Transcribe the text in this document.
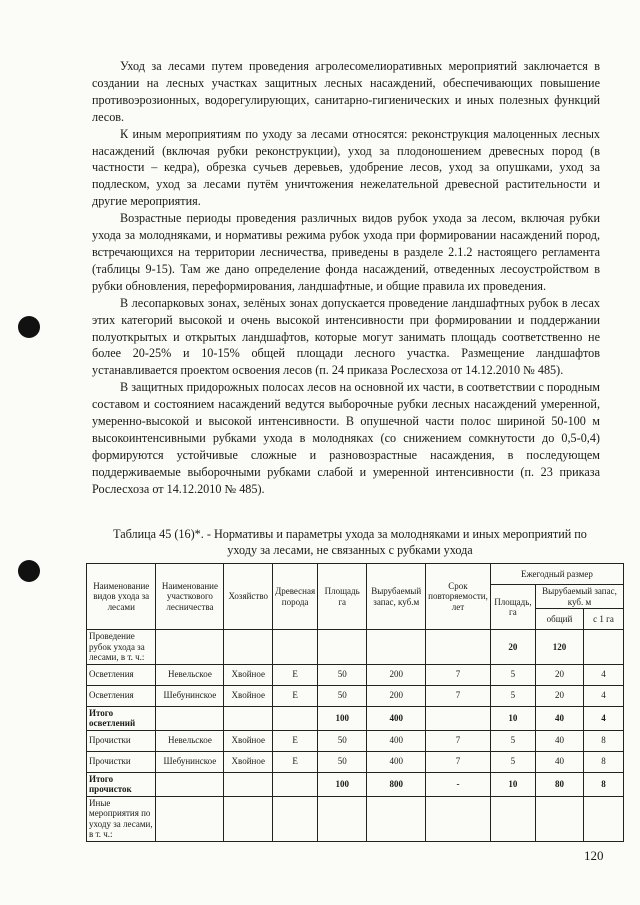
Уход за лесами путем проведения агролесомелиоративных мероприятий заключается в создании на лесных участках защитных лесных насаждений, обеспечивающих повышение противоэрозионных, водорегулирующих, санитарно-гигиенических и иных полезных функций лесов.

К иным мероприятиям по уходу за лесами относятся: реконструкция малоценных лесных насаждений (включая рубки реконструкции), уход за плодоношением древесных пород (в частности – кедра), обрезка сучьев деревьев, удобрение лесов, уход за опушками, уход за подлеском, уход за лесами путём уничтожения нежелательной древесной растительности и другие мероприятия.

Возрастные периоды проведения различных видов рубок ухода за лесом, включая рубки ухода за молодняками, и нормативы режима рубок ухода при формировании насаждений пород, встречающихся на территории лесничества, приведены в разделе 2.1.2 настоящего регламента (таблицы 9-15). Там же дано определение фонда насаждений, отведенных лесоустройством в рубки обновления, переформирования, ландшафтные, и общие правила их проведения.

В лесопарковых зонах, зелёных зонах допускается проведение ландшафтных рубок в лесах этих категорий высокой и очень высокой интенсивности при формировании и поддержании полуоткрытых и открытых ландшафтов, которые могут занимать площадь соответственно не более 20-25% и 10-15% общей площади лесного участка. Размещение ландшафтов устанавливается проектом освоения лесов (п. 24 приказа Рослесхоза от 14.12.2010 № 485).

В защитных придорожных полосах лесов на основной их части, в соответствии с породным составом и состоянием насаждений ведутся выборочные рубки лесных насаждений умеренной, умеренно-высокой и высокой интенсивности. В опушечной части полос шириной 50-100 м высокоинтенсивными рубками ухода в молодняках (со снижением сомкнутости до 0,5-0,4) формируются устойчивые сложные и разновозрастные насаждения, в последующем поддерживаемые выборочными рубками слабой и умеренной интенсивности (п. 23 приказа Рослесхоза от 14.12.2010 № 485).

Таблица 45 (16)*. - Нормативы и параметры ухода за молодняками и иных мероприятий по уходу за лесами, не связанных с рубками ухода
Наименование видов ухода за лесами	Наименование участкового лесничества	Хозяйство	Древесная порода	Площадь га	Вырубаемый запас, куб.м	Срок повторяемости, лет	Ежегодный размер		
							Площадь, га	Вырубаемый запас, куб. м	
								общий	с 1 га
Проведение рубок ухода за лесами, в т. ч.:							20	120	
Осветления	Невельское	Хвойное	Е	50	200	7	5	20	4
Осветления	Шебунинское	Хвойное	Е	50	200	7	5	20	4
Итого осветлений				100	400		10	40	4
Прочистки	Невельское	Хвойное	Е	50	400	7	5	40	8
Прочистки	Шебунинское	Хвойное	Е	50	400	7	5	40	8
Итого прочисток				100	800	-	10	80	8
Иные мероприятия по уходу за лесами, в т. ч.:									
120
